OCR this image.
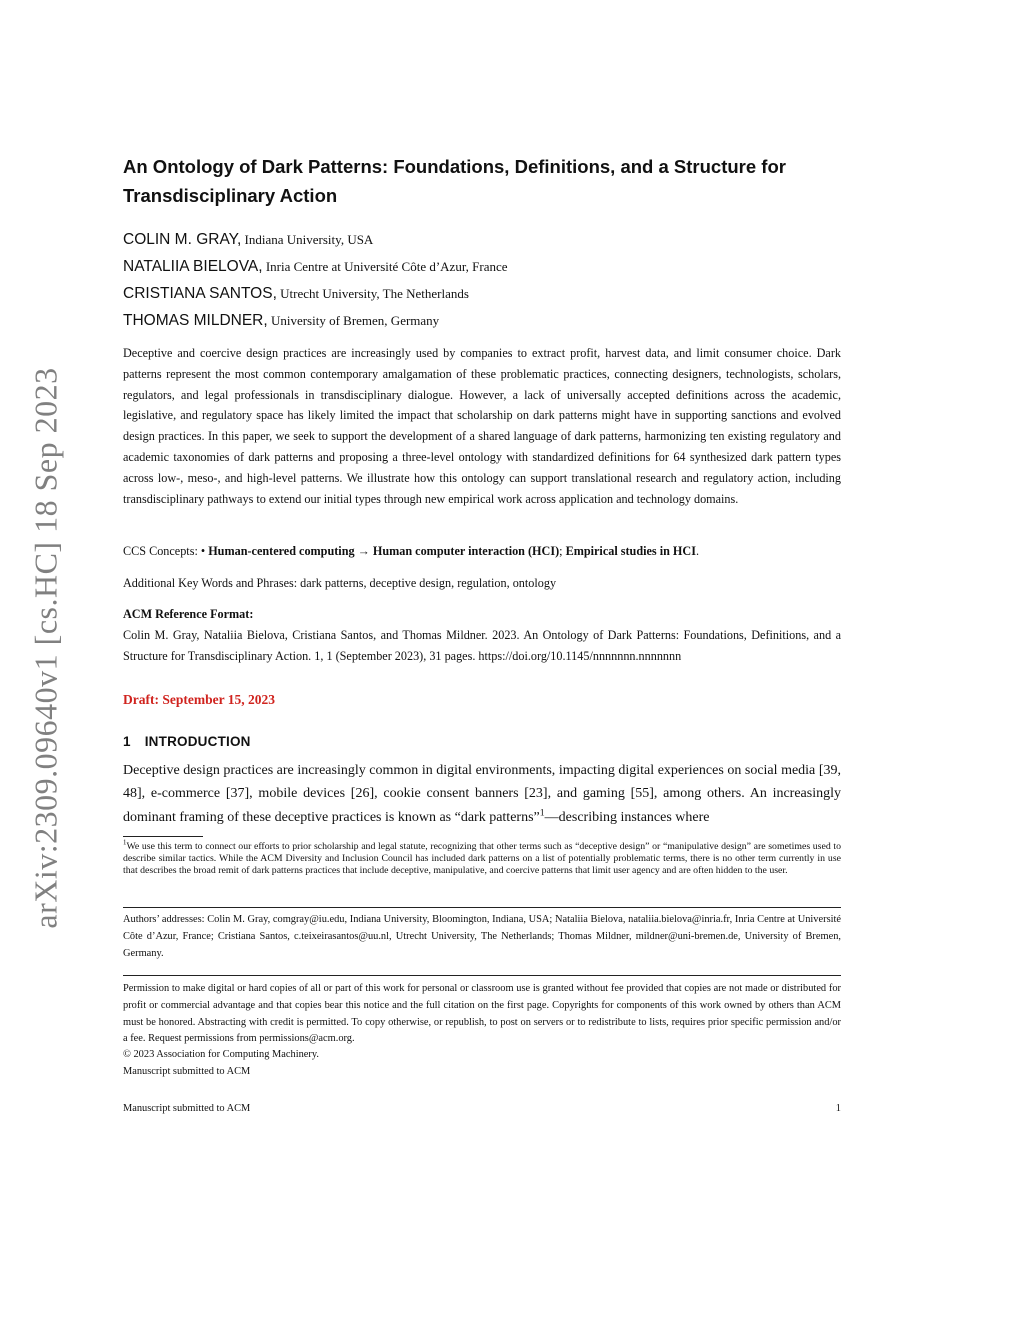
arXiv:2309.09640v1 [cs.HC] 18 Sep 2023
An Ontology of Dark Patterns: Foundations, Definitions, and a Structure for Transdisciplinary Action
COLIN M. GRAY, Indiana University, USA
NATALIIA BIELOVA, Inria Centre at Université Côte d’Azur, France
CRISTIANA SANTOS, Utrecht University, The Netherlands
THOMAS MILDNER, University of Bremen, Germany
Deceptive and coercive design practices are increasingly used by companies to extract profit, harvest data, and limit consumer choice. Dark patterns represent the most common contemporary amalgamation of these problematic practices, connecting designers, technologists, scholars, regulators, and legal professionals in transdisciplinary dialogue. However, a lack of universally accepted definitions across the academic, legislative, and regulatory space has likely limited the impact that scholarship on dark patterns might have in supporting sanctions and evolved design practices. In this paper, we seek to support the development of a shared language of dark patterns, harmonizing ten existing regulatory and academic taxonomies of dark patterns and proposing a three-level ontology with standardized definitions for 64 synthesized dark pattern types across low-, meso-, and high-level patterns. We illustrate how this ontology can support translational research and regulatory action, including transdisciplinary pathways to extend our initial types through new empirical work across application and technology domains.
CCS Concepts: • Human-centered computing → Human computer interaction (HCI); Empirical studies in HCI.
Additional Key Words and Phrases: dark patterns, deceptive design, regulation, ontology
ACM Reference Format:
Colin M. Gray, Nataliia Bielova, Cristiana Santos, and Thomas Mildner. 2023. An Ontology of Dark Patterns: Foundations, Definitions, and a Structure for Transdisciplinary Action. 1, 1 (September 2023), 31 pages. https://doi.org/10.1145/nnnnnnn.nnnnnnn
Draft: September 15, 2023
1 INTRODUCTION
Deceptive design practices are increasingly common in digital environments, impacting digital experiences on social media [39, 48], e-commerce [37], mobile devices [26], cookie consent banners [23], and gaming [55], among others. An increasingly dominant framing of these deceptive practices is known as “dark patterns”$^1$—describing instances where
$^1$We use this term to connect our efforts to prior scholarship and legal statute, recognizing that other terms such as “deceptive design” or “manipulative design” are sometimes used to describe similar tactics. While the ACM Diversity and Inclusion Council has included dark patterns on a list of potentially problematic terms, there is no other term currently in use that describes the broad remit of dark patterns practices that include deceptive, manipulative, and coercive patterns that limit user agency and are often hidden to the user.
Authors’ addresses: Colin M. Gray, comgray@iu.edu, Indiana University, Bloomington, Indiana, USA; Nataliia Bielova, nataliia.bielova@inria.fr, Inria Centre at Université Côte d’Azur, France; Cristiana Santos, c.teixeirasantos@uu.nl, Utrecht University, The Netherlands; Thomas Mildner, mildner@uni-bremen.de, University of Bremen, Germany.
Permission to make digital or hard copies of all or part of this work for personal or classroom use is granted without fee provided that copies are not made or distributed for profit or commercial advantage and that copies bear this notice and the full citation on the first page. Copyrights for components of this work owned by others than ACM must be honored. Abstracting with credit is permitted. To copy otherwise, or republish, to post on servers or to redistribute to lists, requires prior specific permission and/or a fee. Request permissions from permissions@acm.org.
© 2023 Association for Computing Machinery.
Manuscript submitted to ACM
Manuscript submitted to ACM	1
